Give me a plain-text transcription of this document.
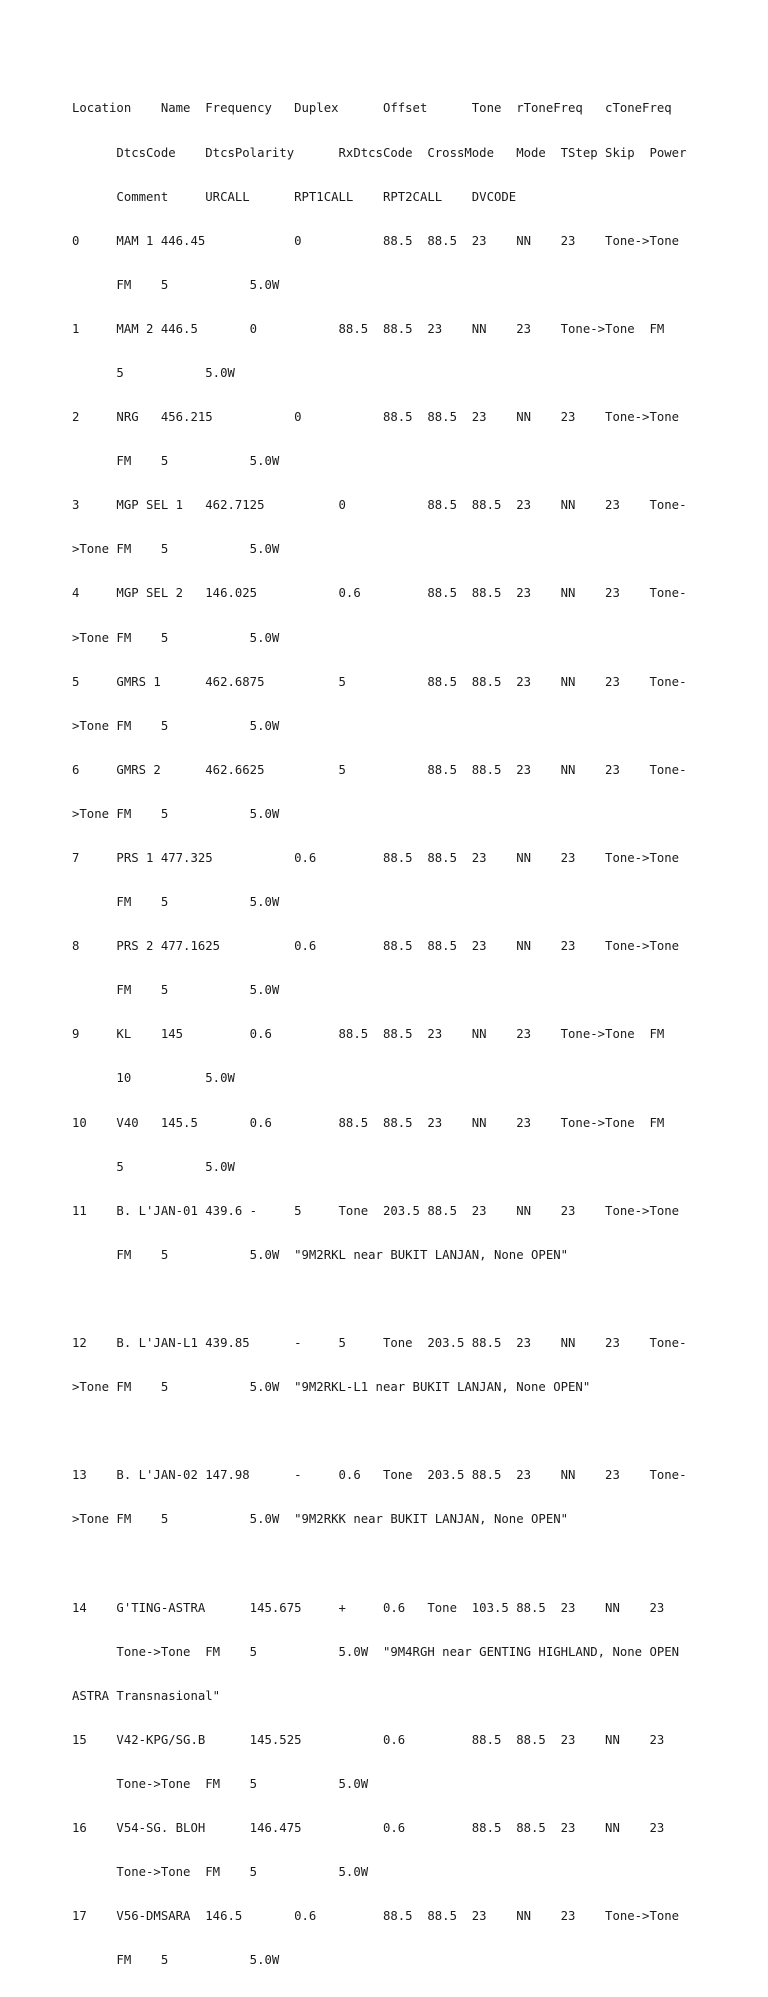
Location    Name  Frequency   Duplex      Offset      Tone  rToneFreq   cToneFreq

DtcsCode    DtcsPolarity      RxDtcsCode  CrossMode   Mode  TStep Skip  Power

Comment     URCALL      RPT1CALL    RPT2CALL    DVCODE

0     MAM 1 446.45            0           88.5  88.5  23    NN    23    Tone->Tone

FM    5           5.0W

1     MAM 2 446.5       0           88.5  88.5  23    NN    23    Tone->Tone  FM

5           5.0W

2     NRG   456.215           0           88.5  88.5  23    NN    23    Tone->Tone

FM    5           5.0W

3     MGP SEL 1   462.7125          0           88.5  88.5  23    NN    23    Tone-

>Tone FM    5           5.0W

4     MGP SEL 2   146.025           0.6         88.5  88.5  23    NN    23    Tone-

>Tone FM    5           5.0W

5     GMRS 1      462.6875          5           88.5  88.5  23    NN    23    Tone-

>Tone FM    5           5.0W

6     GMRS 2      462.6625          5           88.5  88.5  23    NN    23    Tone-

>Tone FM    5           5.0W

7     PRS 1 477.325           0.6         88.5  88.5  23    NN    23    Tone->Tone

FM    5           5.0W

8     PRS 2 477.1625          0.6         88.5  88.5  23    NN    23    Tone->Tone

FM    5           5.0W

9     KL    145         0.6         88.5  88.5  23    NN    23    Tone->Tone  FM

10          5.0W

10    V40   145.5       0.6         88.5  88.5  23    NN    23    Tone->Tone  FM

5           5.0W

11    B. L'JAN-01 439.6 -     5     Tone  203.5 88.5  23    NN    23    Tone->Tone

FM    5           5.0W  "9M2RKL near BUKIT LANJAN, None OPEN"

12    B. L'JAN-L1 439.85      -     5     Tone  203.5 88.5  23    NN    23    Tone-

>Tone FM    5           5.0W  "9M2RKL-L1 near BUKIT LANJAN, None OPEN"

13    B. L'JAN-02 147.98      -     0.6   Tone  203.5 88.5  23    NN    23    Tone-

>Tone FM    5           5.0W  "9M2RKK near BUKIT LANJAN, None OPEN"

14    G'TING-ASTRA      145.675     +     0.6   Tone  103.5 88.5  23    NN    23

Tone->Tone  FM    5           5.0W  "9M4RGH near GENTING HIGHLAND, None OPEN

ASTRA Transnasional"

15    V42-KPG/SG.B      145.525           0.6         88.5  88.5  23    NN    23

Tone->Tone  FM    5           5.0W

16    V54-SG. BLOH      146.475           0.6         88.5  88.5  23    NN    23

Tone->Tone  FM    5           5.0W

17    V56-DMSARA  146.5       0.6         88.5  88.5  23    NN    23    Tone->Tone

FM    5           5.0W
